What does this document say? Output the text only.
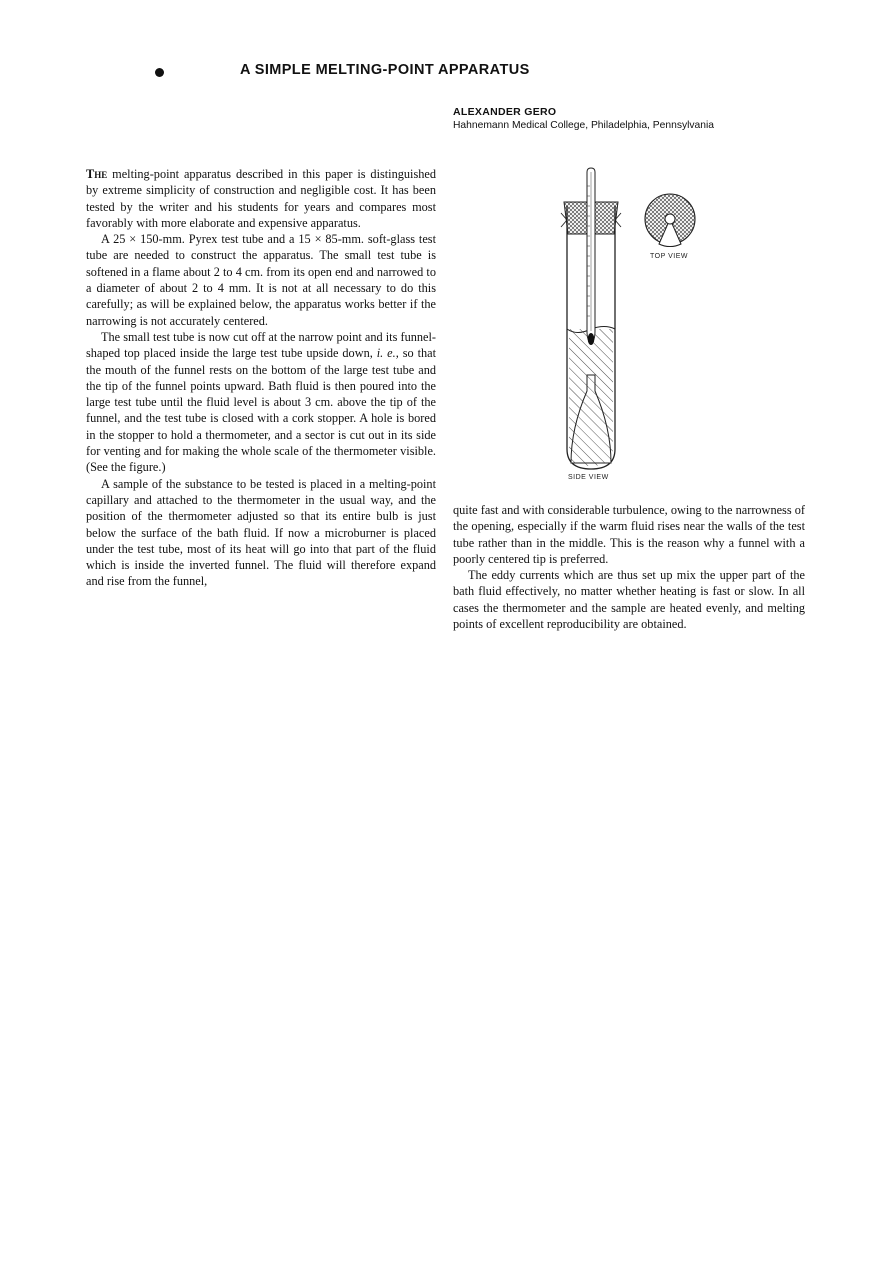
A SIMPLE MELTING-POINT APPARATUS
ALEXANDER GERO
Hahnemann Medical College, Philadelphia, Pennsylvania

The melting-point apparatus described in this paper is distinguished by extreme simplicity of construction and negligible cost. It has been tested by the writer and his students for years and compares most favorably with more elaborate and expensive apparatus.

A 25 × 150-mm. Pyrex test tube and a 15 × 85-mm. soft-glass test tube are needed to construct the apparatus. The small test tube is softened in a flame about 2 to 4 cm. from its open end and narrowed to a diameter of about 2 to 4 mm. It is not at all necessary to do this carefully; as will be explained below, the apparatus works better if the narrowing is not accurately centered.

The small test tube is now cut off at the narrow point and its funnel-shaped top placed inside the large test tube upside down, i. e., so that the mouth of the funnel rests on the bottom of the large test tube and the tip of the funnel points upward. Bath fluid is then poured into the large test tube until the fluid level is about 3 cm. above the tip of the funnel, and the test tube is closed with a cork stopper. A hole is bored in the stopper to hold a thermometer, and a sector is cut out in its side for venting and for making the whole scale of the thermometer visible. (See the figure.)

A sample of the substance to be tested is placed in a melting-point capillary and attached to the thermometer in the usual way, and the position of the thermometer adjusted so that its entire bulb is just below the surface of the bath fluid. If now a microburner is placed under the test tube, most of its heat will go into that part of the fluid which is inside the inverted funnel. The fluid will therefore expand and rise from the funnel,

TOP VIEW
SIDE VIEW

quite fast and with considerable turbulence, owing to the narrowness of the opening, especially if the warm fluid rises near the walls of the test tube rather than in the middle. This is the reason why a funnel with a poorly centered tip is preferred.

The eddy currents which are thus set up mix the upper part of the bath fluid effectively, no matter whether heating is fast or slow. In all cases the thermometer and the sample are heated evenly, and melting points of excellent reproducibility are obtained.
